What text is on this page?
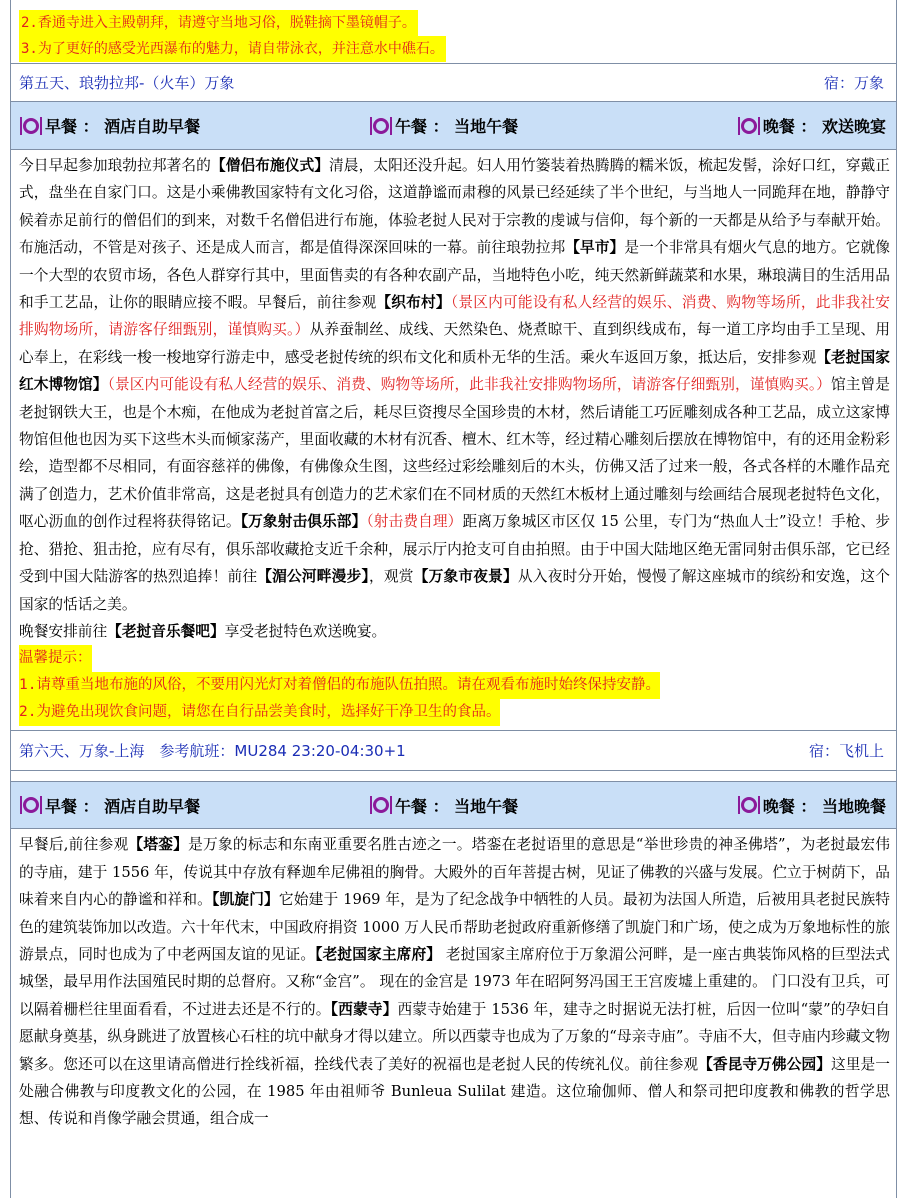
2.香通寺进入主殿朝拜，请遵守当地习俗，脱鞋摘下墨镜帽子。
3.为了更好的感受光西瀑布的魅力，请自带泳衣，并注意水中礁石。
第五天、琅勃拉邦-（火车）万象	宿：万象
早餐 ： 酒店自助早餐	午餐 ： 当地午餐	晚餐 ： 欢送晚宴

今日早起参加琅勃拉邦著名的【僧侣布施仪式】清晨，太阳还没升起。妇人用竹篓装着热腾腾的糯米饭，梳起发髻，涂好口红，穿戴正式，盘坐在自家门口。这是小乘佛教国家特有文化习俗，这道静谧而肃穆的风景已经延续了半个世纪，与当地人一同跪拜在地，静静守候着赤足前行的僧侣们的到来，对数千名僧侣进行布施，体验老挝人民对于宗教的虔诚与信仰，每个新的一天都是从给予与奉献开始。布施活动，不管是对孩子、还是成人而言，都是值得深深回味的一幕。前往琅勃拉邦【早市】是一个非常具有烟火气息的地方。它就像一个大型的农贸市场，各色人群穿行其中，里面售卖的有各种农副产品，当地特色小吃，纯天然新鲜蔬菜和水果，琳琅满目的生活用品和手工艺品，让你的眼睛应接不暇。早餐后，前往参观【织布村】（景区内可能设有私人经营的娱乐、消费、购物等场所，此非我社安排购物场所，请游客仔细甄别，谨慎购买。）从养蚕制丝、成线、天然染色、烧煮晾干、直到织线成布，每一道工序均由手工呈现、用心奉上，在彩线一梭一梭地穿行游走中，感受老挝传统的织布文化和质朴无华的生活。乘火车返回万象，抵达后，安排参观【老挝国家红木博物馆】（景区内可能设有私人经营的娱乐、消费、购物等场所，此非我社安排购物场所，请游客仔细甄别，谨慎购买。）馆主曾是老挝钢铁大王，也是个木痴，在他成为老挝首富之后，耗尽巨资搜尽全国珍贵的木材，然后请能工巧匠雕刻成各种工艺品，成立这家博物馆但他也因为买下这些木头而倾家荡产，里面收藏的木材有沉香、檀木、红木等，经过精心雕刻后摆放在博物馆中，有的还用金粉彩绘，造型都不尽相同，有面容慈祥的佛像，有佛像众生图，这些经过彩绘雕刻后的木头，仿佛又活了过来一般，各式各样的木雕作品充满了创造力，艺术价值非常高，这是老挝具有创造力的艺术家们在不同材质的天然红木板材上通过雕刻与绘画结合展现老挝特色文化，呕心沥血的创作过程将获得铭记。【万象射击俱乐部】（射击费自理）距离万象城区市区仅 15 公里，专门为“热血人士”设立！手枪、步抢、猎抢、狙击抢，应有尽有，俱乐部收藏抢支近千余种，展示厅内抢支可自由拍照。由于中国大陆地区绝无雷同射击俱乐部，它已经受到中国大陆游客的热烈追捧！前往【湄公河畔漫步】，观赏【万象市夜景】从入夜时分开始，慢慢了解这座城市的缤纷和安逸，这个国家的恬话之美。

晚餐安排前往【老挝音乐餐吧】享受老挝特色欢送晚宴。

温馨提示：
1.请尊重当地布施的风俗，不要用闪光灯对着僧侣的布施队伍拍照。请在观看布施时始终保持安静。
2.为避免出现饮食问题，请您在自行品尝美食时，选择好干净卫生的食品。
第六天、万象-上海　参考航班：MU284 23:20-04:30+1	宿：飞机上
早餐 ： 酒店自助早餐	午餐 ： 当地午餐	晚餐 ： 当地晚餐

早餐后,前往参观【塔銮】是万象的标志和东南亚重要名胜古迹之一。塔銮在老挝语里的意思是“举世珍贵的神圣佛塔”，为老挝最宏伟的寺庙，建于 1556 年，传说其中存放有释迦牟尼佛祖的胸骨。大殿外的百年菩提古树，见证了佛教的兴盛与发展。伫立于树荫下，品味着来自内心的静谧和祥和。【凯旋门】它始建于 1969 年，是为了纪念战争中牺牲的人员。最初为法国人所造，后被用具老挝民族特色的建筑装饰加以改造。六十年代末，中国政府捐资 1000 万人民币帮助老挝政府重新修缮了凯旋门和广场，使之成为万象地标性的旅游景点，同时也成为了中老两国友谊的见证。【老挝国家主席府】 老挝国家主席府位于万象湄公河畔，是一座古典装饰风格的巨型法式城堡，最早用作法国殖民时期的总督府。又称“金宫”。 现在的金宫是 1973 年在昭阿努冯国王王宫废墟上重建的。 门口没有卫兵，可以隔着栅栏往里面看看，不过进去还是不行的。【西蒙寺】西蒙寺始建于 1536 年，建寺之时据说无法打桩，后因一位叫“蒙”的孕妇自愿献身奠基，纵身跳进了放置核心石柱的坑中献身才得以建立。所以西蒙寺也成为了万象的“母亲寺庙”。寺庙不大，但寺庙内珍藏文物繁多。您还可以在这里请高僧进行拴线祈福，拴线代表了美好的祝福也是老挝人民的传统礼仪。前往参观【香昆寺万佛公园】这里是一处融合佛教与印度教文化的公园，在 1985 年由祖师爷 Bunleua Sulilat 建造。这位瑜伽师、僧人和祭司把印度教和佛教的哲学思想、传说和肖像学融会贯通，组合成一
